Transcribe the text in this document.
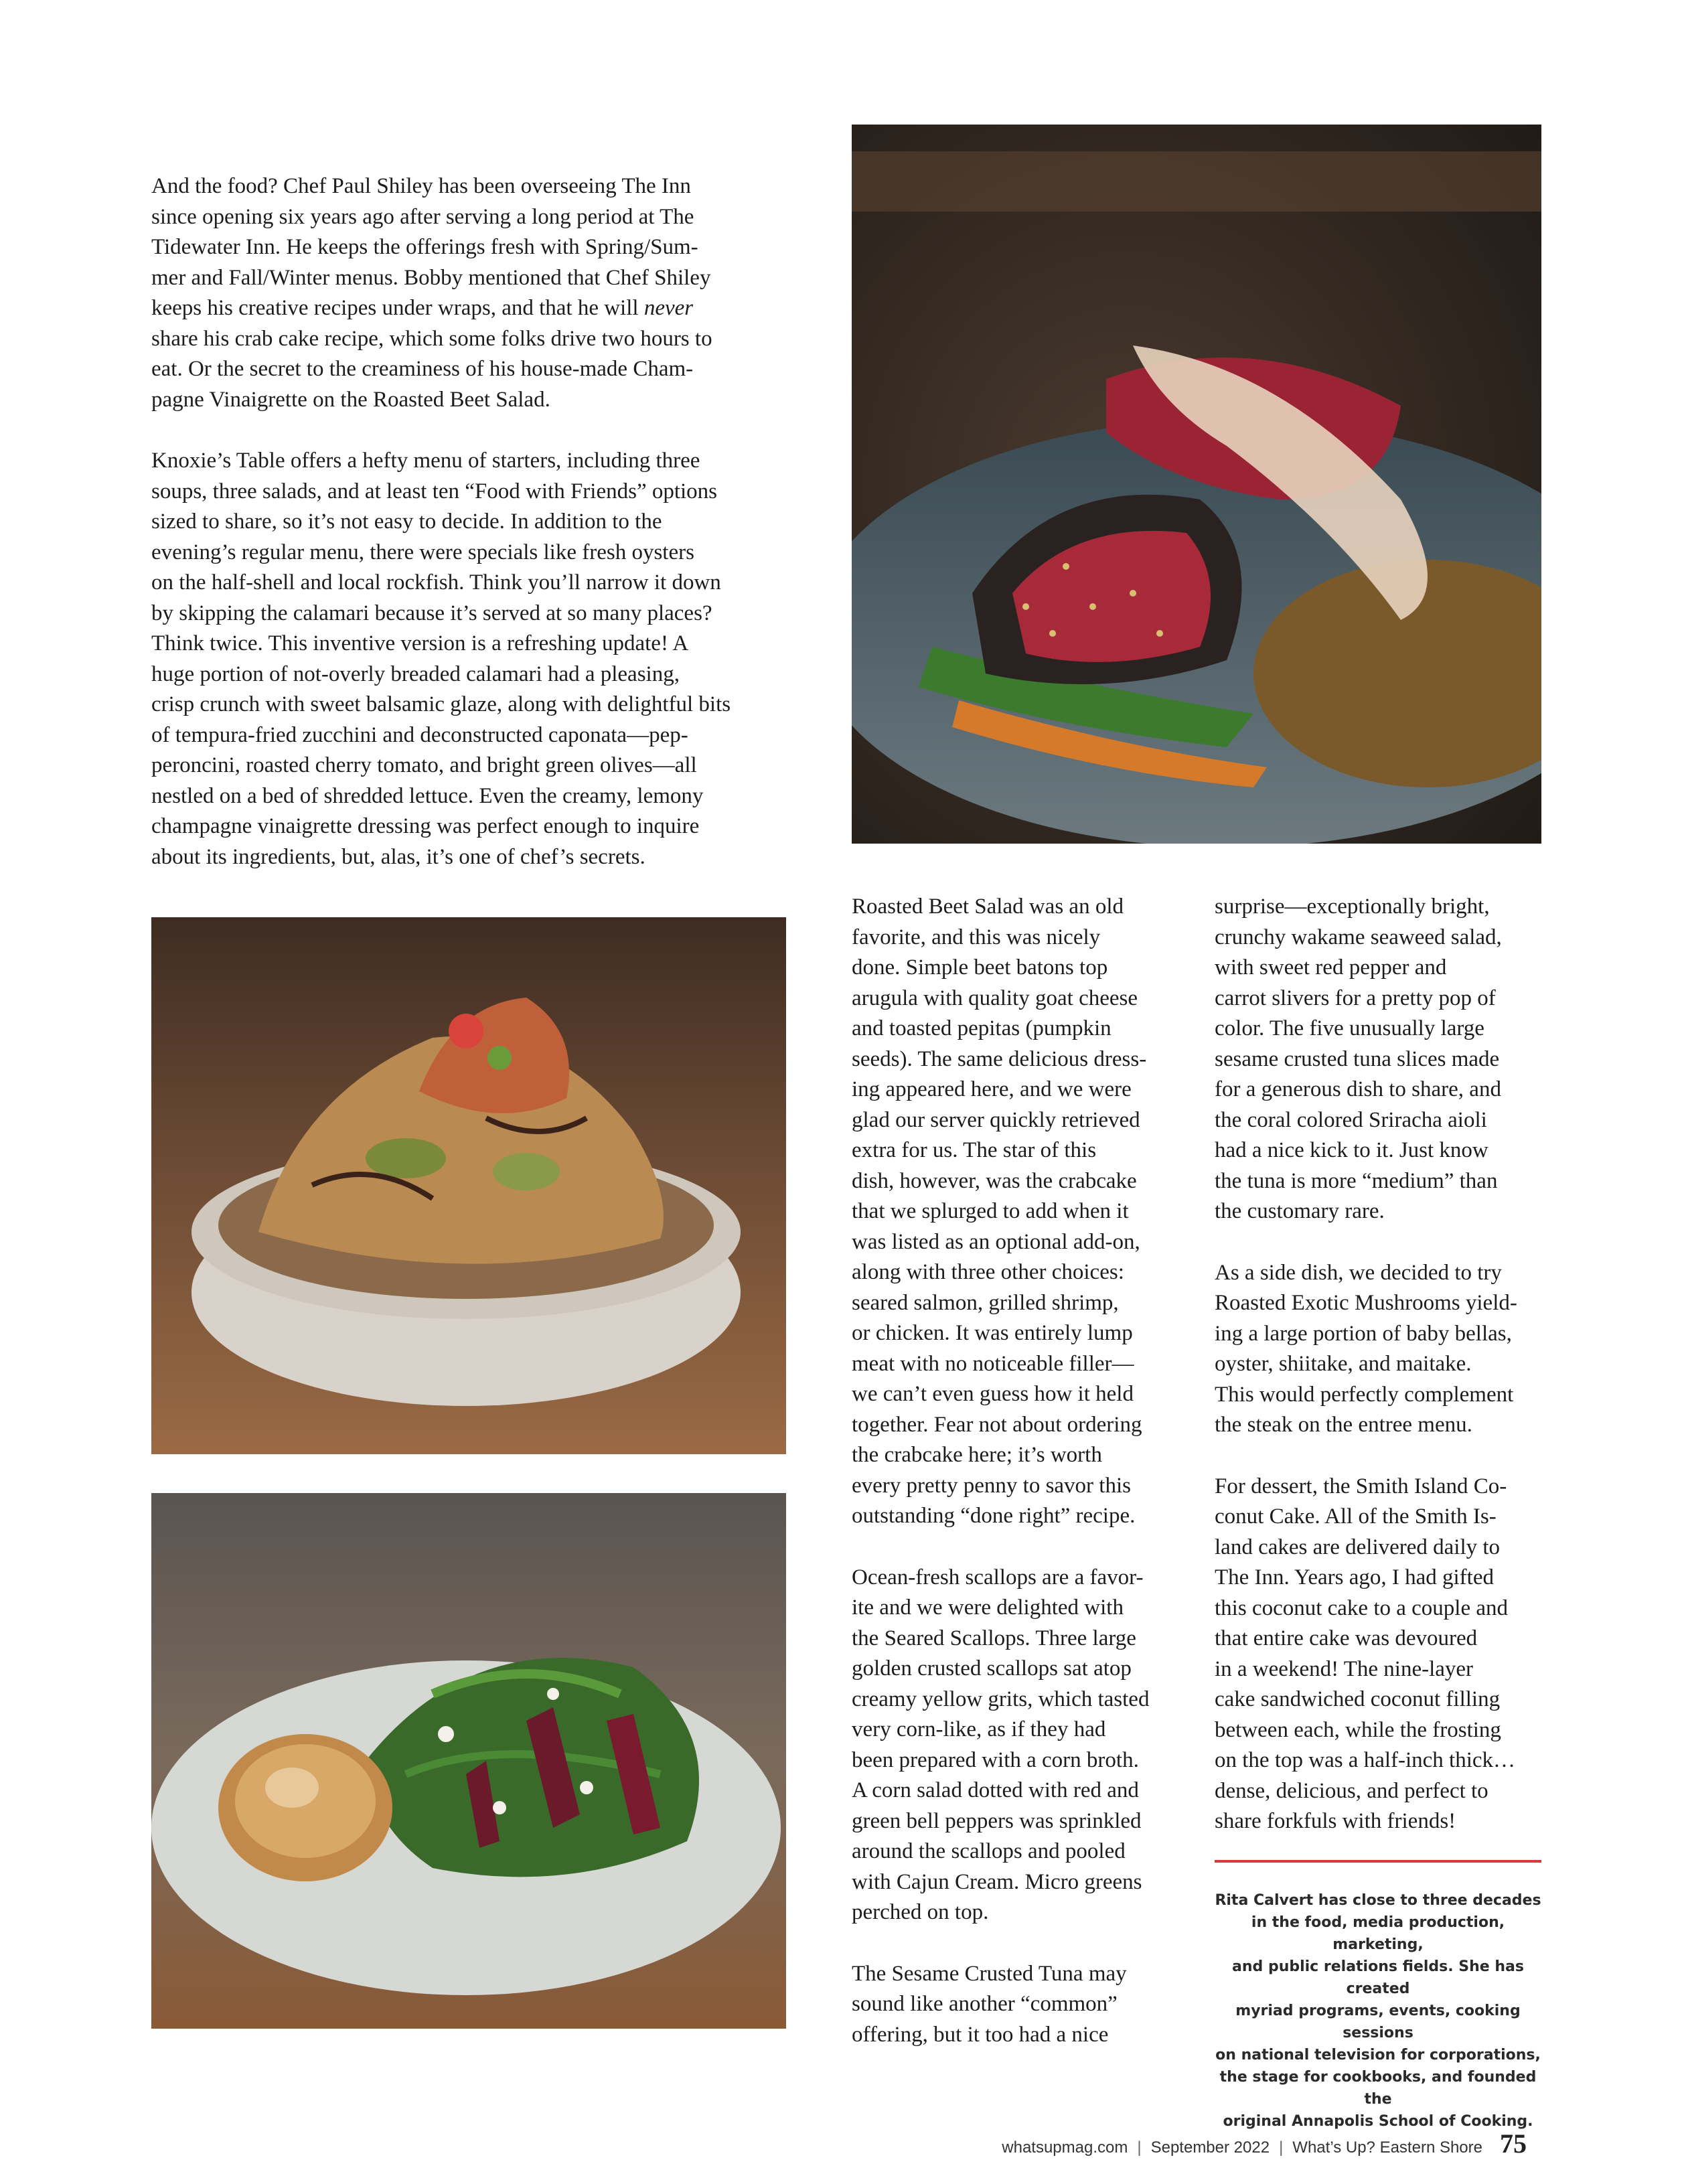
And the food? Chef Paul Shiley has been overseeing The Inn
since opening six years ago after serving a long period at The
Tidewater Inn. He keeps the offerings fresh with Spring/Sum-
mer and Fall/Winter menus. Bobby mentioned that Chef Shiley
keeps his creative recipes under wraps, and that he will never
share his crab cake recipe, which some folks drive two hours to
eat. Or the secret to the creaminess of his house-made Cham-
pagne Vinaigrette on the Roasted Beet Salad.

Knoxie’s Table offers a hefty menu of starters, including three
soups, three salads, and at least ten “Food with Friends” options
sized to share, so it’s not easy to decide. In addition to the
evening’s regular menu, there were specials like fresh oysters
on the half-shell and local rockfish. Think you’ll narrow it down
by skipping the calamari because it’s served at so many places?
Think twice. This inventive version is a refreshing update! A
huge portion of not-overly breaded calamari had a pleasing,
crisp crunch with sweet balsamic glaze, along with delightful bits
of tempura-fried zucchini and deconstructed caponata—pep-
peroncini, roasted cherry tomato, and bright green olives—all
nestled on a bed of shredded lettuce. Even the creamy, lemony
champagne vinaigrette dressing was perfect enough to inquire
about its ingredients, but, alas, it’s one of chef’s secrets.

Roasted Beet Salad was an old
favorite, and this was nicely
done. Simple beet batons top
arugula with quality goat cheese
and toasted pepitas (pumpkin
seeds). The same delicious dress-
ing appeared here, and we were
glad our server quickly retrieved
extra for us. The star of this
dish, however, was the crabcake
that we splurged to add when it
was listed as an optional add-on,
along with three other choices:
seared salmon, grilled shrimp,
or chicken. It was entirely lump
meat with no noticeable filler—
we can’t even guess how it held
together. Fear not about ordering
the crabcake here; it’s worth
every pretty penny to savor this
outstanding “done right” recipe.

Ocean-fresh scallops are a favor-
ite and we were delighted with
the Seared Scallops. Three large
golden crusted scallops sat atop
creamy yellow grits, which tasted
very corn-like, as if they had
been prepared with a corn broth.
A corn salad dotted with red and
green bell peppers was sprinkled
around the scallops and pooled
with Cajun Cream. Micro greens
perched on top.

The Sesame Crusted Tuna may
sound like another “common”
offering, but it too had a nice

surprise—exceptionally bright,
crunchy wakame seaweed salad,
with sweet red pepper and
carrot slivers for a pretty pop of
color. The five unusually large
sesame crusted tuna slices made
for a generous dish to share, and
the coral colored Sriracha aioli
had a nice kick to it. Just know
the tuna is more “medium” than
the customary rare.

As a side dish, we decided to try
Roasted Exotic Mushrooms yield-
ing a large portion of baby bellas,
oyster, shiitake, and maitake.
This would perfectly complement
the steak on the entree menu.

For dessert, the Smith Island Co-
conut Cake. All of the Smith Is-
land cakes are delivered daily to
The Inn. Years ago, I had gifted
this coconut cake to a couple and
that entire cake was devoured
in a weekend! The nine-layer
cake sandwiched coconut filling
between each, while the frosting
on the top was a half-inch thick…
dense, delicious, and perfect to
share forkfuls with friends!

Rita Calvert has close to three decades
in the food, media production, marketing,
and public relations fields. She has created
myriad programs, events, cooking sessions
on national television for corporations,
the stage for cookbooks, and founded the
original Annapolis School of Cooking.
whatsupmag.com | September 2022 | What’s Up? Eastern Shore 75
